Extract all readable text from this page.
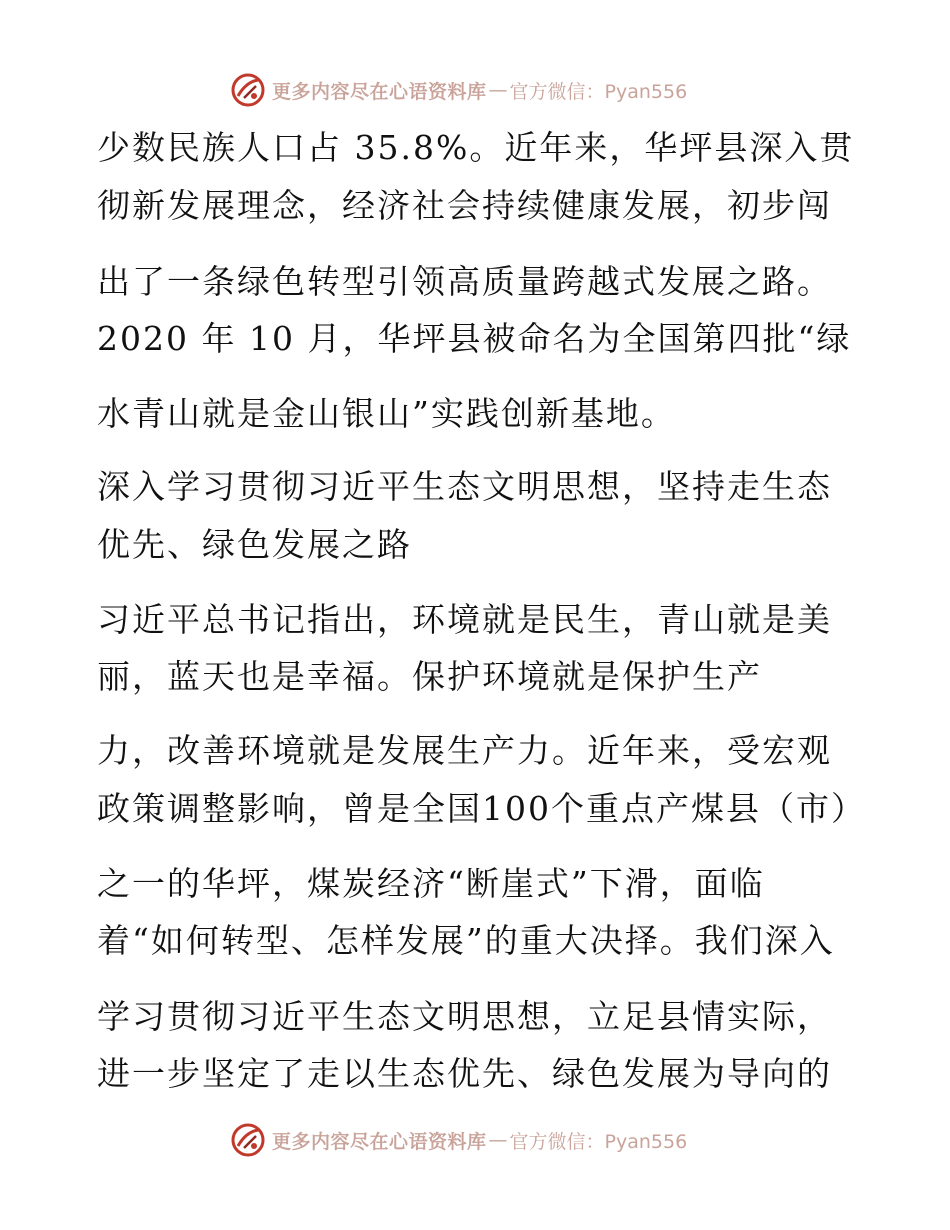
更多内容尽在心语资料库 — 官方微信：Pyan556
少数民族人口占 35.8%。近年来，华坪县深入贯
彻新发展理念，经济社会持续健康发展，初步闯
出了一条绿色转型引领高质量跨越式发展之路。
2020 年 10 月，华坪县被命名为全国第四批“绿
水青山就是金山银山”实践创新基地。
深入学习贯彻习近平生态文明思想，坚持走生态
优先、绿色发展之路
习近平总书记指出，环境就是民生，青山就是美
丽，蓝天也是幸福。保护环境就是保护生产
力，改善环境就是发展生产力。近年来，受宏观
政策调整影响，曾是全国100个重点产煤县（市）
之一的华坪，煤炭经济“断崖式”下滑，面临
着“如何转型、怎样发展”的重大决择。我们深入
学习贯彻习近平生态文明思想，立足县情实际，
进一步坚定了走以生态优先、绿色发展为导向的
更多内容尽在心语资料库 — 官方微信：Pyan556
